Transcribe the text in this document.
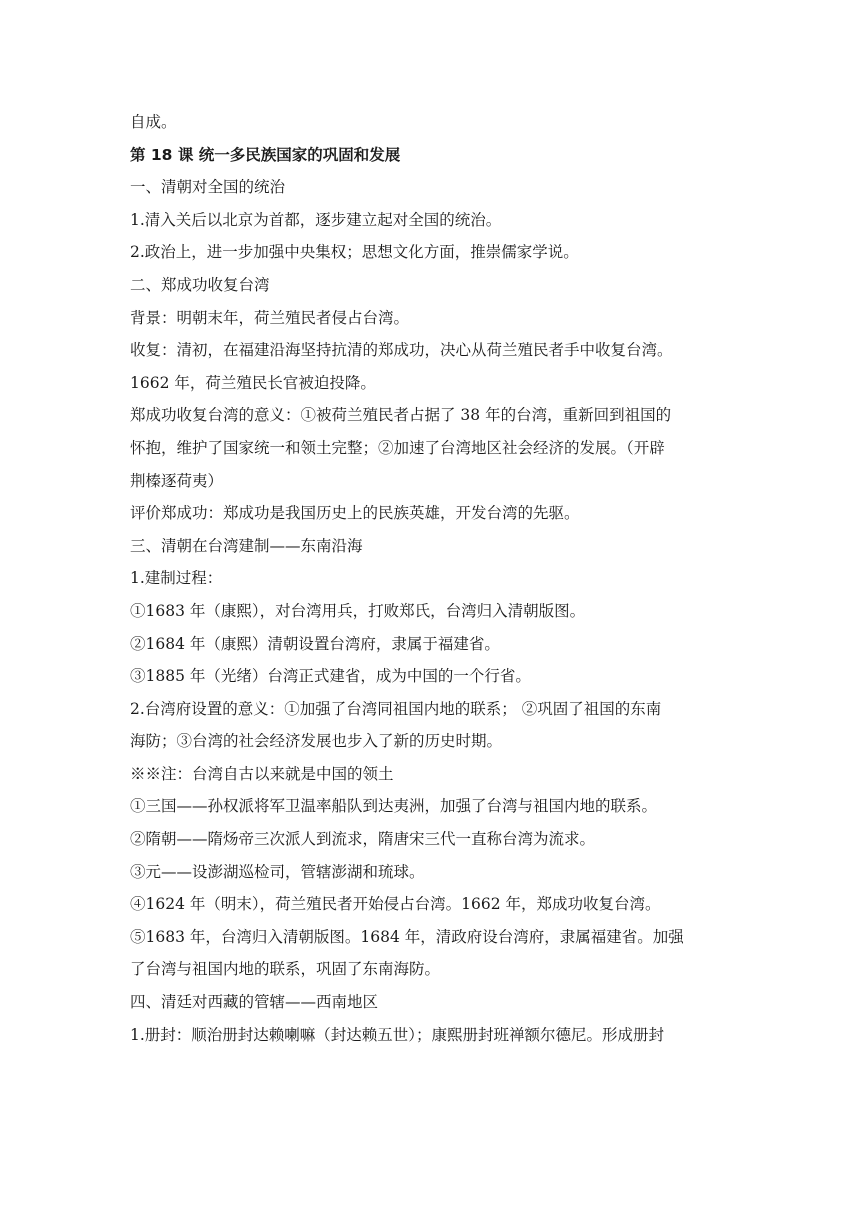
自成。
第 18 课 统一多民族国家的巩固和发展
一、清朝对全国的统治
1.清入关后以北京为首都，逐步建立起对全国的统治。
2.政治上，进一步加强中央集权；思想文化方面，推崇儒家学说。
二、郑成功收复台湾
背景：明朝末年，荷兰殖民者侵占台湾。
收复：清初，在福建沿海坚持抗清的郑成功，决心从荷兰殖民者手中收复台湾。
1662 年，荷兰殖民长官被迫投降。
郑成功收复台湾的意义：①被荷兰殖民者占据了 38 年的台湾，重新回到祖国的
怀抱，维护了国家统一和领土完整；②加速了台湾地区社会经济的发展。（开辟
荆榛逐荷夷）
评价郑成功：郑成功是我国历史上的民族英雄，开发台湾的先驱。
三、清朝在台湾建制——东南沿海
1.建制过程：
①1683 年（康熙），对台湾用兵，打败郑氏，台湾归入清朝版图。
②1684 年（康熙）清朝设置台湾府，隶属于福建省。
③1885 年（光绪）台湾正式建省，成为中国的一个行省。
2.台湾府设置的意义：①加强了台湾同祖国内地的联系； ②巩固了祖国的东南
海防；③台湾的社会经济发展也步入了新的历史时期。
※※注：台湾自古以来就是中国的领土
①三国——孙权派将军卫温率船队到达夷洲，加强了台湾与祖国内地的联系。
②隋朝——隋炀帝三次派人到流求，隋唐宋三代一直称台湾为流求。
③元——设澎湖巡检司，管辖澎湖和琉球。
④1624 年（明末），荷兰殖民者开始侵占台湾。1662 年，郑成功收复台湾。
⑤1683 年，台湾归入清朝版图。1684 年，清政府设台湾府，隶属福建省。加强
了台湾与祖国内地的联系，巩固了东南海防。
四、清廷对西藏的管辖——西南地区
1.册封：顺治册封达赖喇嘛（封达赖五世）；康熙册封班禅额尔德尼。形成册封
